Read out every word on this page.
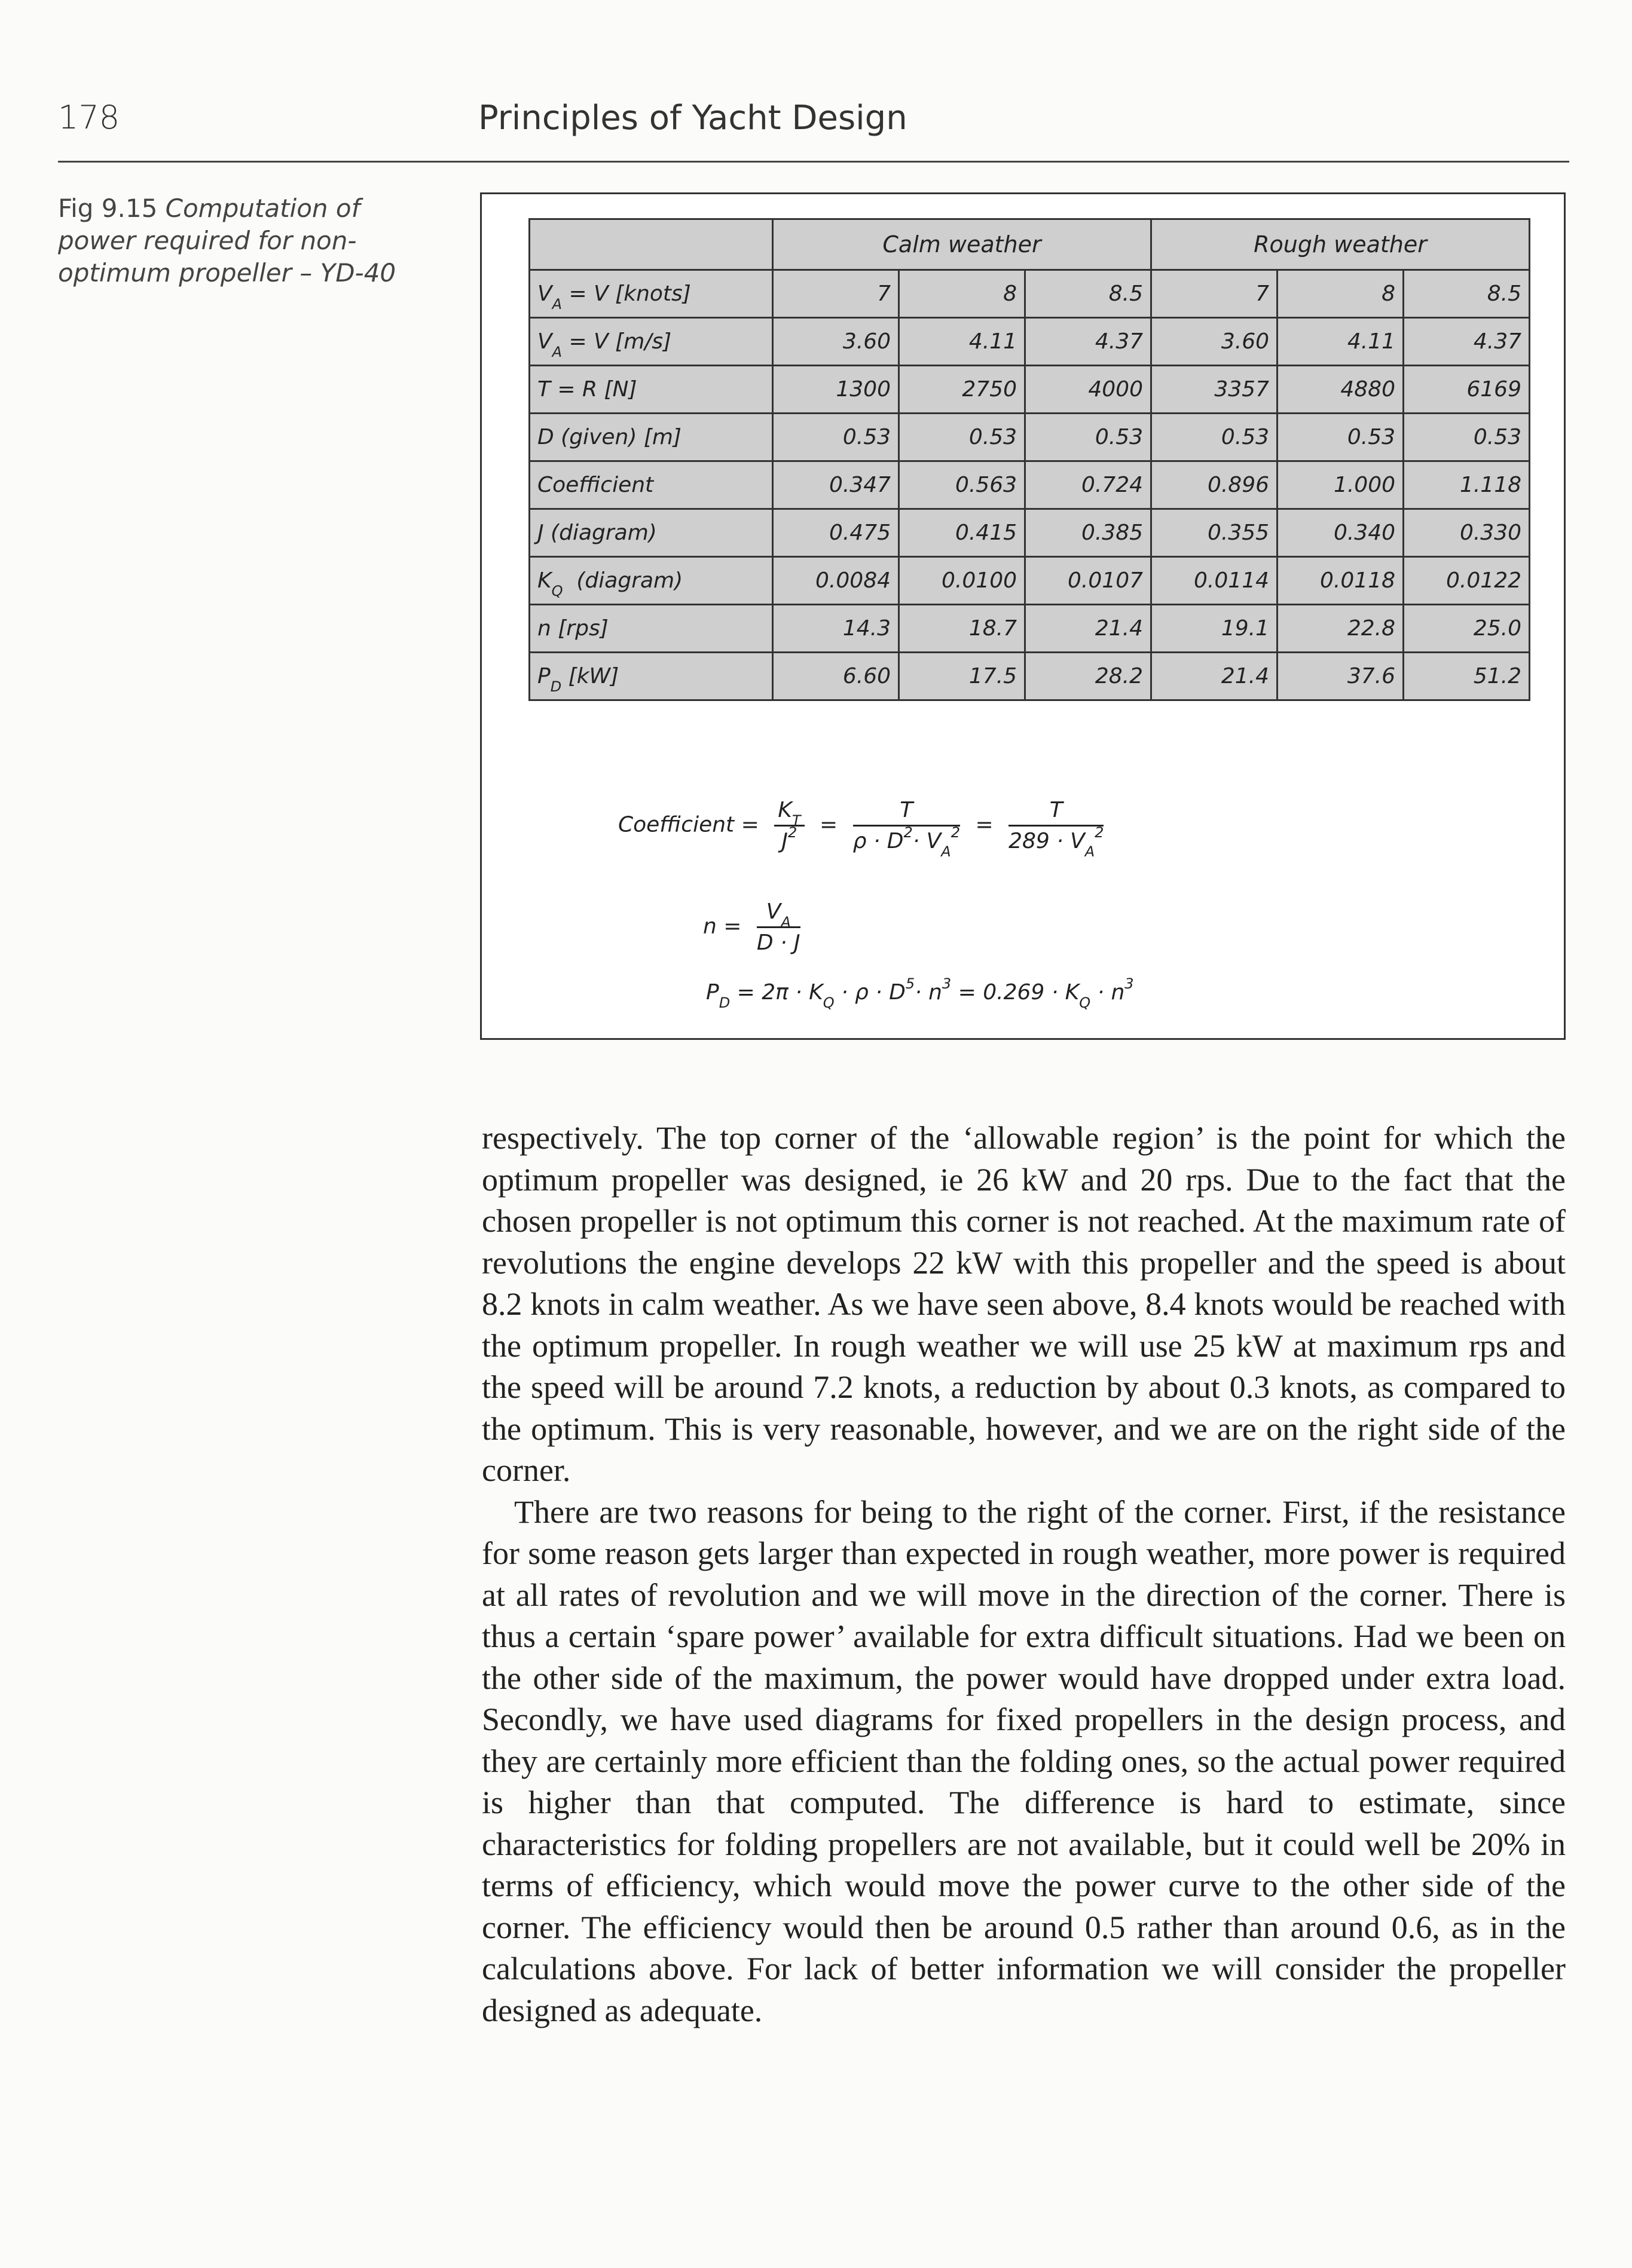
178	Principles of Yacht Design
Fig 9.15 Computation of power required for non-optimum propeller – YD-40
	Calm weather			Rough weather		
$V_A = V$ [knots]	7	8	8.5	7	8	8.5
$V_A = V$ [m/s]	3.60	4.11	4.37	3.60	4.11	4.37
T = R [N]	1300	2750	4000	3357	4880	6169
D (given) [m]	0.53	0.53	0.53	0.53	0.53	0.53
Coefficient	0.347	0.563	0.724	0.896	1.000	1.118
J (diagram)	0.475	0.415	0.385	0.355	0.340	0.330
$K_Q$  (diagram)	0.0084	0.0100	0.0107	0.0114	0.0118	0.0122
n [rps]	14.3	18.7	21.4	19.1	22.8	25.0
$P_D$ [kW]	6.60	17.5	28.2	21.4	37.6	51.2
Coefficient = $\frac{K_T}{J^2} = \frac{T}{\rho \cdot D^2\cdot V_A^2} = \frac{T}{289 \cdot V_A^2}$
$n = \frac{V_A}{D \cdot J}$
$P_D = 2\pi \cdot K_Q \cdot \rho \cdot D^5\cdot n^3 = 0.269 \cdot K_Q \cdot n^3$

respectively. The top corner of the ‘allowable region’ is the point for which the optimum propeller was designed, ie 26 kW and 20 rps. Due to the fact that the chosen propeller is not optimum this corner is not reached. At the maximum rate of revolutions the engine develops 22 kW with this propeller and the speed is about 8.2 knots in calm weather. As we have seen above, 8.4 knots would be reached with the optimum propeller. In rough weather we will use 25 kW at maximum rps and the speed will be around 7.2 knots, a reduction by about 0.3 knots, as compared to the optimum. This is very reasonable, however, and we are on the right side of the corner.

There are two reasons for being to the right of the corner. First, if the resistance for some reason gets larger than expected in rough weather, more power is required at all rates of revolution and we will move in the direction of the corner. There is thus a certain ‘spare power’ available for extra difficult situations. Had we been on the other side of the maximum, the power would have dropped under extra load. Secondly, we have used diagrams for fixed propellers in the design process, and they are certainly more efficient than the folding ones, so the actual power required is higher than that computed. The difference is hard to estimate, since characteristics for folding propellers are not available, but it could well be 20% in terms of efficiency, which would move the power curve to the other side of the corner. The efficiency would then be around 0.5 rather than around 0.6, as in the calculations above. For lack of better information we will consider the propeller designed as adequate.
